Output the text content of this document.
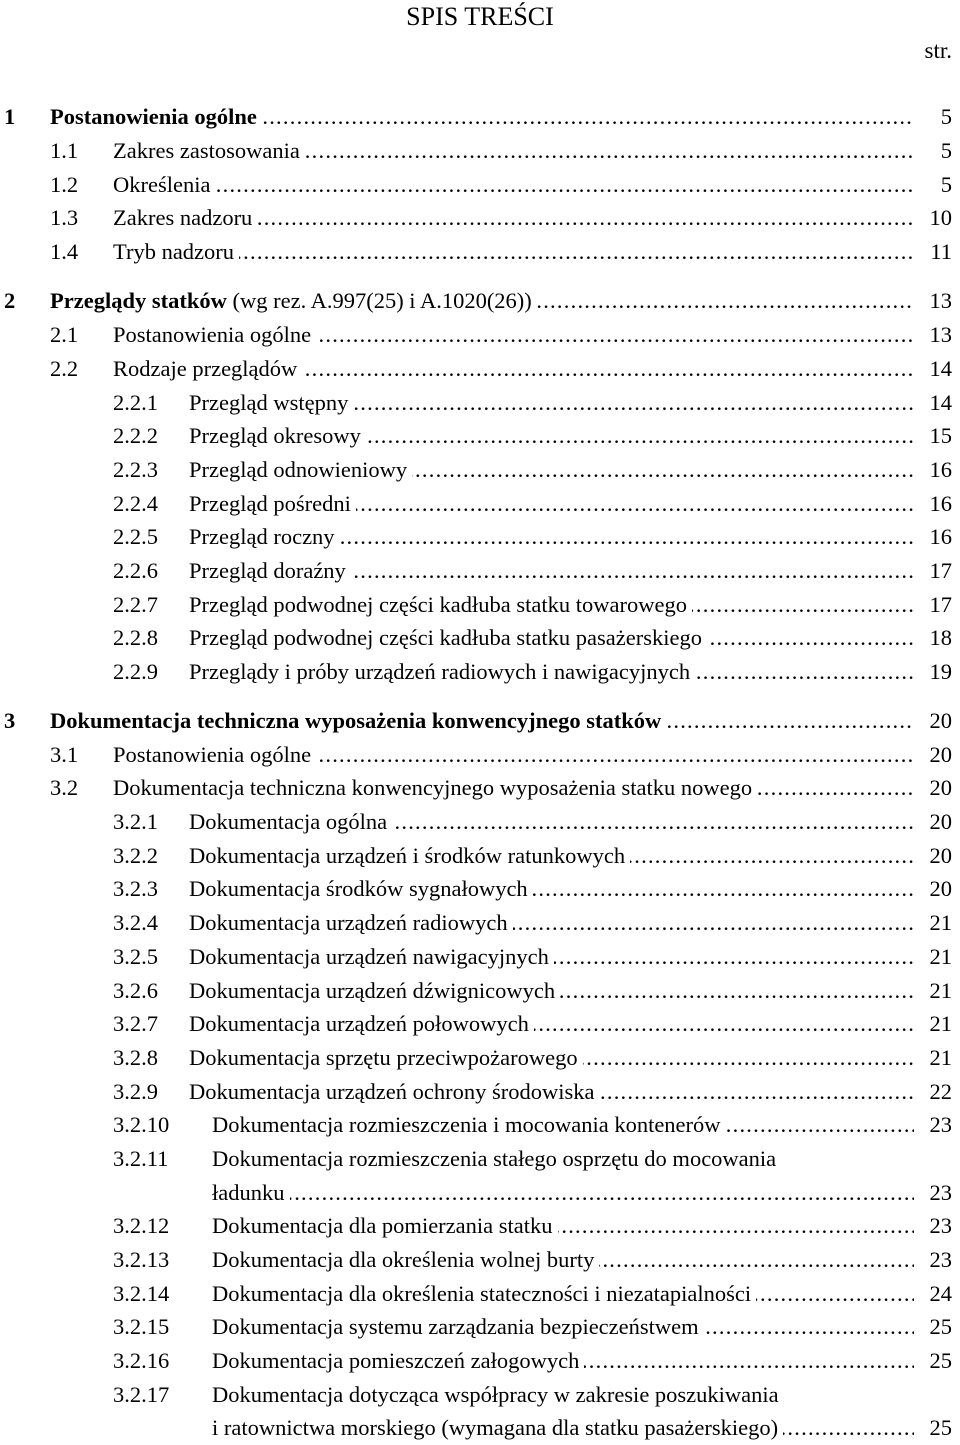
SPIS TREŚCI
str.
1 Postanowienia ogólne . . .	5
1.1 Zakres zastosowania . . .	5
1.2 Określenia . . .	5
1.3 Zakres nadzoru . . .	10
1.4 Tryb nadzoru . . .	11
2 Przeglądy statków (wg rez. A.997(25) i A.1020(26)) . . .	13
2.1 Postanowienia ogólne . . .	13
2.2 Rodzaje przeglądów . . .	14
2.2.1 Przegląd wstępny . . .	14
2.2.2 Przegląd okresowy . . .	15
2.2.3 Przegląd odnowieniowy . . .	16
2.2.4 Przegląd pośredni . . .	16
2.2.5 Przegląd roczny . . .	16
2.2.6 Przegląd doraźny . . .	17
2.2.7 Przegląd podwodnej części kadłuba statku towarowego . . .	17
2.2.8 Przegląd podwodnej części kadłuba statku pasażerskiego . . .	18
2.2.9 Przeglądy i próby urządzeń radiowych i nawigacyjnych . . .	19
3 Dokumentacja techniczna wyposażenia konwencyjnego statków . . .	20
3.1 Postanowienia ogólne . . .	20
3.2 Dokumentacja techniczna konwencyjnego wyposażenia statku nowego . . .	20
3.2.1 Dokumentacja ogólna . . .	20
3.2.2 Dokumentacja urządzeń i środków ratunkowych . . .	20
3.2.3 Dokumentacja środków sygnałowych . . .	20
3.2.4 Dokumentacja urządzeń radiowych . . .	21
3.2.5 Dokumentacja urządzeń nawigacyjnych . . .	21
3.2.6 Dokumentacja urządzeń dźwignicowych . . .	21
3.2.7 Dokumentacja urządzeń połowowych . . .	21
3.2.8 Dokumentacja sprzętu przeciwpożarowego . . .	21
3.2.9 Dokumentacja urządzeń ochrony środowiska . . .	22
3.2.10 Dokumentacja rozmieszczenia i mocowania kontenerów . . .	23
3.2.11 Dokumentacja rozmieszczenia stałego osprzętu do mocowania
ładunku . . .	23
3.2.12 Dokumentacja dla pomierzania statku . . .	23
3.2.13 Dokumentacja dla określenia wolnej burty . . .	23
3.2.14 Dokumentacja dla określenia stateczności i niezatapialności . . .	24
3.2.15 Dokumentacja systemu zarządzania bezpieczeństwem . . .	25
3.2.16 Dokumentacja pomieszczeń załogowych . . .	25
3.2.17 Dokumentacja dotycząca współpracy w zakresie poszukiwania
i ratownictwa morskiego (wymagana dla statku pasażerskiego) . . .	25
